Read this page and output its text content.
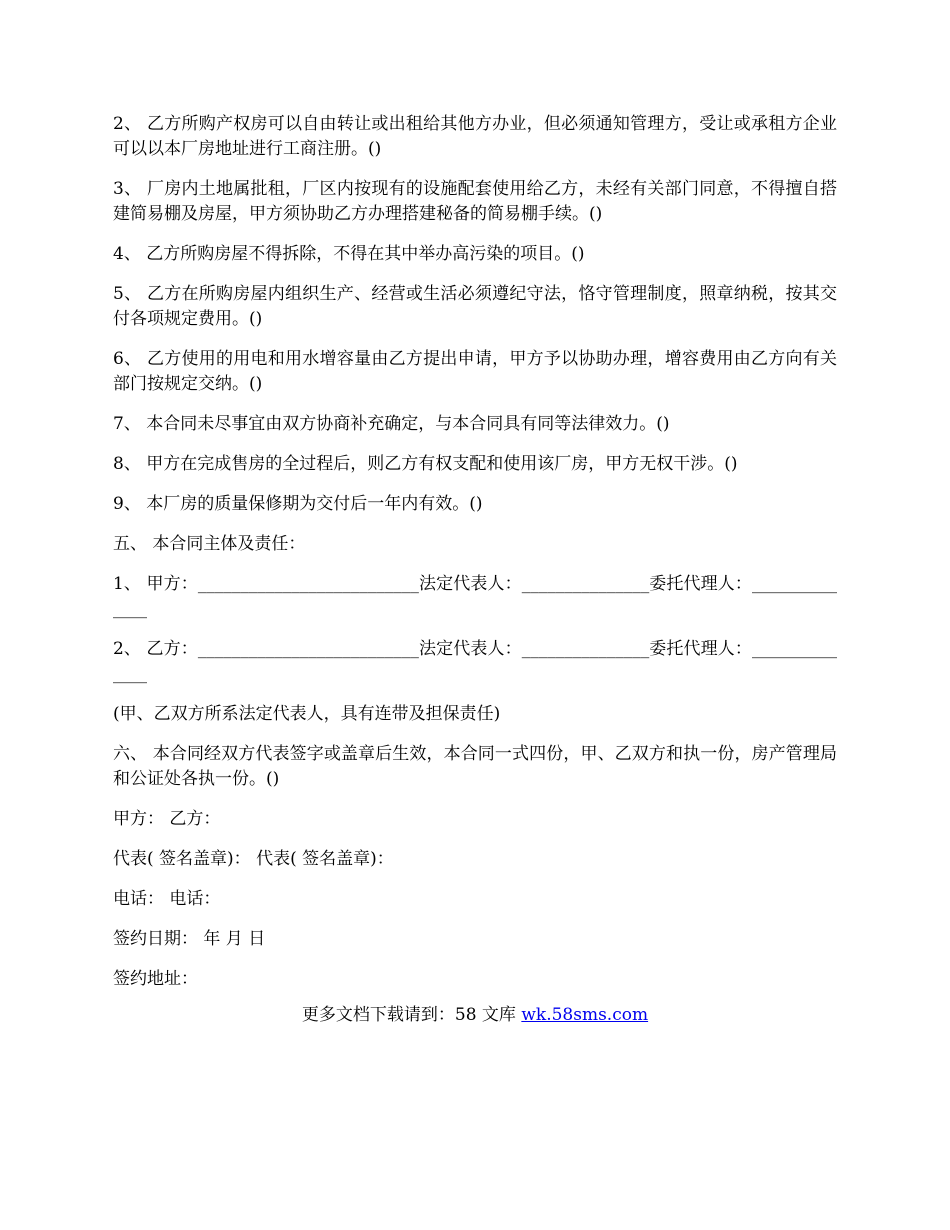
2、 乙方所购产权房可以自由转让或出租给其他方办业，但必须通知管理方，受让或承租方企业可以以本厂房地址进行工商注册。()

3、 厂房内土地属批租，厂区内按现有的设施配套使用给乙方，未经有关部门同意，不得擅自搭建简易棚及房屋，甲方须协助乙方办理搭建秘备的简易棚手续。()

4、 乙方所购房屋不得拆除，不得在其中举办高污染的项目。()

5、 乙方在所购房屋内组织生产、经营或生活必须遵纪守法，恪守管理制度，照章纳税，按其交付各项规定费用。()

6、 乙方使用的用电和用水增容量由乙方提出申请，甲方予以协助办理，增容费用由乙方向有关部门按规定交纳。()

7、 本合同未尽事宜由双方协商补充确定，与本合同具有同等法律效力。()

8、 甲方在完成售房的全过程后，则乙方有权支配和使用该厂房，甲方无权干涉。()

9、 本厂房的质量保修期为交付后一年内有效。()

五、 本合同主体及责任：

1、 甲方：__________________________法定代表人：_______________委托代理人：______________

2、 乙方：__________________________法定代表人：_______________委托代理人：______________

(甲、乙双方所系法定代表人，具有连带及担保责任)

六、 本合同经双方代表签字或盖章后生效，本合同一式四份，甲、乙双方和执一份，房产管理局和公证处各执一份。()

甲方： 乙方：

代表( 签名盖章)： 代表( 签名盖章)：

电话： 电话：

签约日期： 年 月 日

签约地址：

更多文档下载请到：58 文库 wk.58sms.com
